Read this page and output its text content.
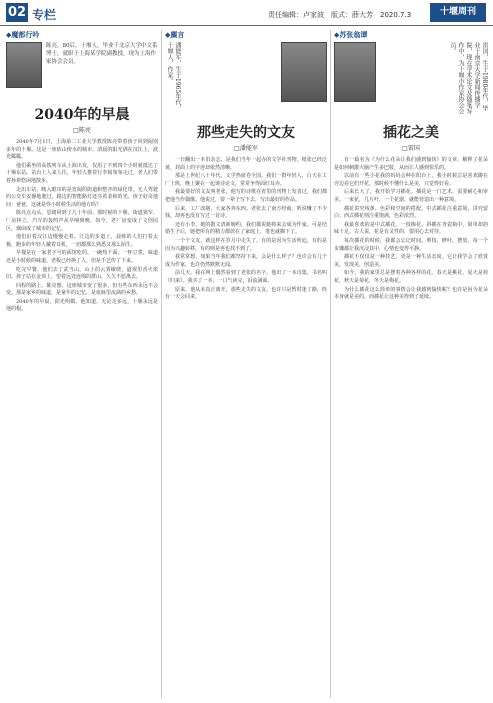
02 专栏	责任编辑：卢家波　版式：薛大芳　2020.7.3	十堰周刊
◆魔都行吟
陈亮，80后，十堰人，毕业于北京大学中文系博士，就职于上海某学院副教授，现为上海作家协会会员。
2040年的早晨
□陈亮

2040年7月1日，上海第二工业大学教授陈亮带着孩子回到阔别多年的十堰。这是一座依山傍水的城市，清晨的阳光洒在汉江上，波光粼粼。

他们乘坐的高铁列车从上海出发，仅用了不到四个小时就抵达了十堰东站。站台上人来人往，年轻人推着行李箱匆匆走过，老人们带着孙辈悠闲地散步。

走出车站，映入眼帘的是宽阔的街道和整齐的绿化带。无人驾驶的公交车安静地驶过，路边的智能路灯还亮着柔和的光。孩子好奇地问：爸爸，这就是你小时候生活的地方吗？

陈亮点点头，思绪回到了几十年前。那时候的十堰，街道狭窄，厂房林立，汽车的轰鸣声从早响到晚。如今，老厂房变成了文创园区，烟囱成了城市的记忆。

他们沿着汉江边慢慢走着。江边的步道上，晨练的人们打着太极，跑步的年轻人戴着耳机，一切都那么熟悉又那么陌生。

早餐是在一家老字号的面馆吃的。一碗热干面，一杯豆浆，味道还是小时候的味道。老板已经换了人，但是手艺传了下来。

吃完早餐，他们去了武当山。山上的云雾缭绕，道观里香火依旧。孩子站在金顶上，望着远处连绵的群山，久久不愿离去。

回程的路上，陈亮想，这座城市变了很多，但有些东西永远不会变。那是家乡的味道，是童年的记忆，是血脉里流淌的乡愁。

2040年的早晨，阳光明媚。他知道，无论走多远，十堰永远是他的根。

◆麋言
潘能军，生于1965年代，十堰人，作家。
那些走失的文友
□潘能军

一日翻出一本旧杂志，是我们当年一起办的文学社刊物。纸张已经泛黄，封面上的字迹却依然清晰。

那是上世纪八十年代，文学热席卷全国。我们一群年轻人，白天在工厂上班，晚上聚在一起谈诗论文，常常争得面红耳赤。

我最要好的文友叫老张，他写的诗歌在省里的刊物上发表过，我们都把他当作偶像。他说过，要一辈子写下去，写出最好的作品。

后来，工厂改制，大家各奔东西。老张去了南方经商，听说赚了不少钱，却再也没有写过一首诗。

还有小李，她的散文清新婉约，我们都说她将来会成为作家。可是结婚生子后，她把所有的精力都放在了家庭上，笔也就搁下了。

一个个文友，就这样在岁月中走失了。有的是因为生活所迫，有的是因为兴趣转移，有的则是再也找不到了。

我常常想，如果当年我们都坚持下来，会是什么样子？也许会有几个成为作家，也许仍然默默无闻。

前几天，我在网上偶然看到了老张的名字。他出了一本诗集，书名叫《归来》。我买了一本，一口气读完，泪流满面。

原来，他从未真正离开。那些走失的文友，也许只是暂时迷了路，终有一天会回来。

◆苏张翁谭
雷国，生于1980年代，毕业于南京大学新闻传播学院，现在学术论文及随笔写作中，为十堰市作家协会会员。
插花之美
□雷国

有一篇名为《为什么花朵让我们感到愉快》的文章，解释了花朵是如何刺激大脑产生多巴胺，从而让人感到快乐的。

以前有一些小花我的妈妈会种在阳台上，我小时候总是喜欢蹲在旁边看它们开花。那时候不懂什么是美，只觉得好看。

后来长大了，我开始学习插花。插花是一门艺术，需要耐心和审美。一束花，几片叶，一个花器，就能营造出一种意境。

插花讲究线条、色彩和空间的搭配。中式插花注重意境，讲究留白；西式插花则注重饱满，色彩浓烈。

我最喜欢的是中式插花。一枝梅花，斜插在青瓷瓶中，简单却韵味十足。古人说，花是有灵性的，要用心去对待。

每次插花的时候，我都会忘记时间。剪枝、修叶、摆放，每一个步骤都让我沉浸其中，心情也变得平静。

插花不仅仅是一种技艺，更是一种生活态度。它让我学会了欣赏美，发现美，创造美。

如今，我的家里总是摆着各种各样的花。春天是桃花，夏天是荷花，秋天是菊花，冬天是梅花。

为什么插花这么简单的事情会让我感到愉快呢？也许是因为花朵本身就是美的，而插花让这种美得到了延续。
